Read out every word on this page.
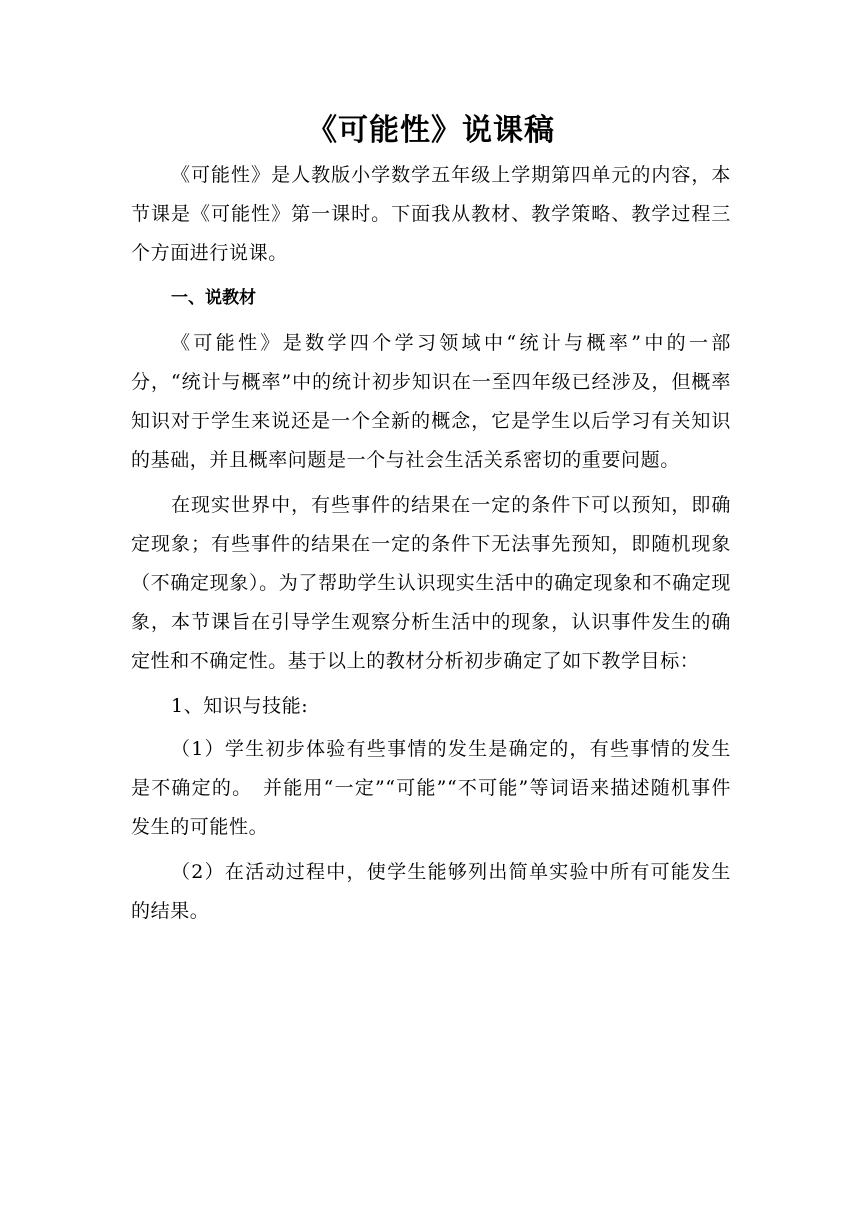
《可能性》说课稿

《可能性》是人教版小学数学五年级上学期第四单元的内容，本节课是《可能性》第一课时。下面我从教材、教学策略、教学过程三个方面进行说课。

一、说教材

《可能性》是数学四个学习领域中“统计与概率”中的一部分，“统计与概率”中的统计初步知识在一至四年级已经涉及，但概率知识对于学生来说还是一个全新的概念，它是学生以后学习有关知识的基础，并且概率问题是一个与社会生活关系密切的重要问题。

在现实世界中，有些事件的结果在一定的条件下可以预知，即确定现象；有些事件的结果在一定的条件下无法事先预知，即随机现象（不确定现象）。为了帮助学生认识现实生活中的确定现象和不确定现象，本节课旨在引导学生观察分析生活中的现象，认识事件发生的确定性和不确定性。基于以上的教材分析初步确定了如下教学目标：

1、知识与技能:

（1）学生初步体验有些事情的发生是确定的，有些事情的发生是不确定的。　并能用“一定”“可能”“不可能”等词语来描述随机事件发生的可能性。

（2）在活动过程中，使学生能够列出简单实验中所有可能发生的结果。
